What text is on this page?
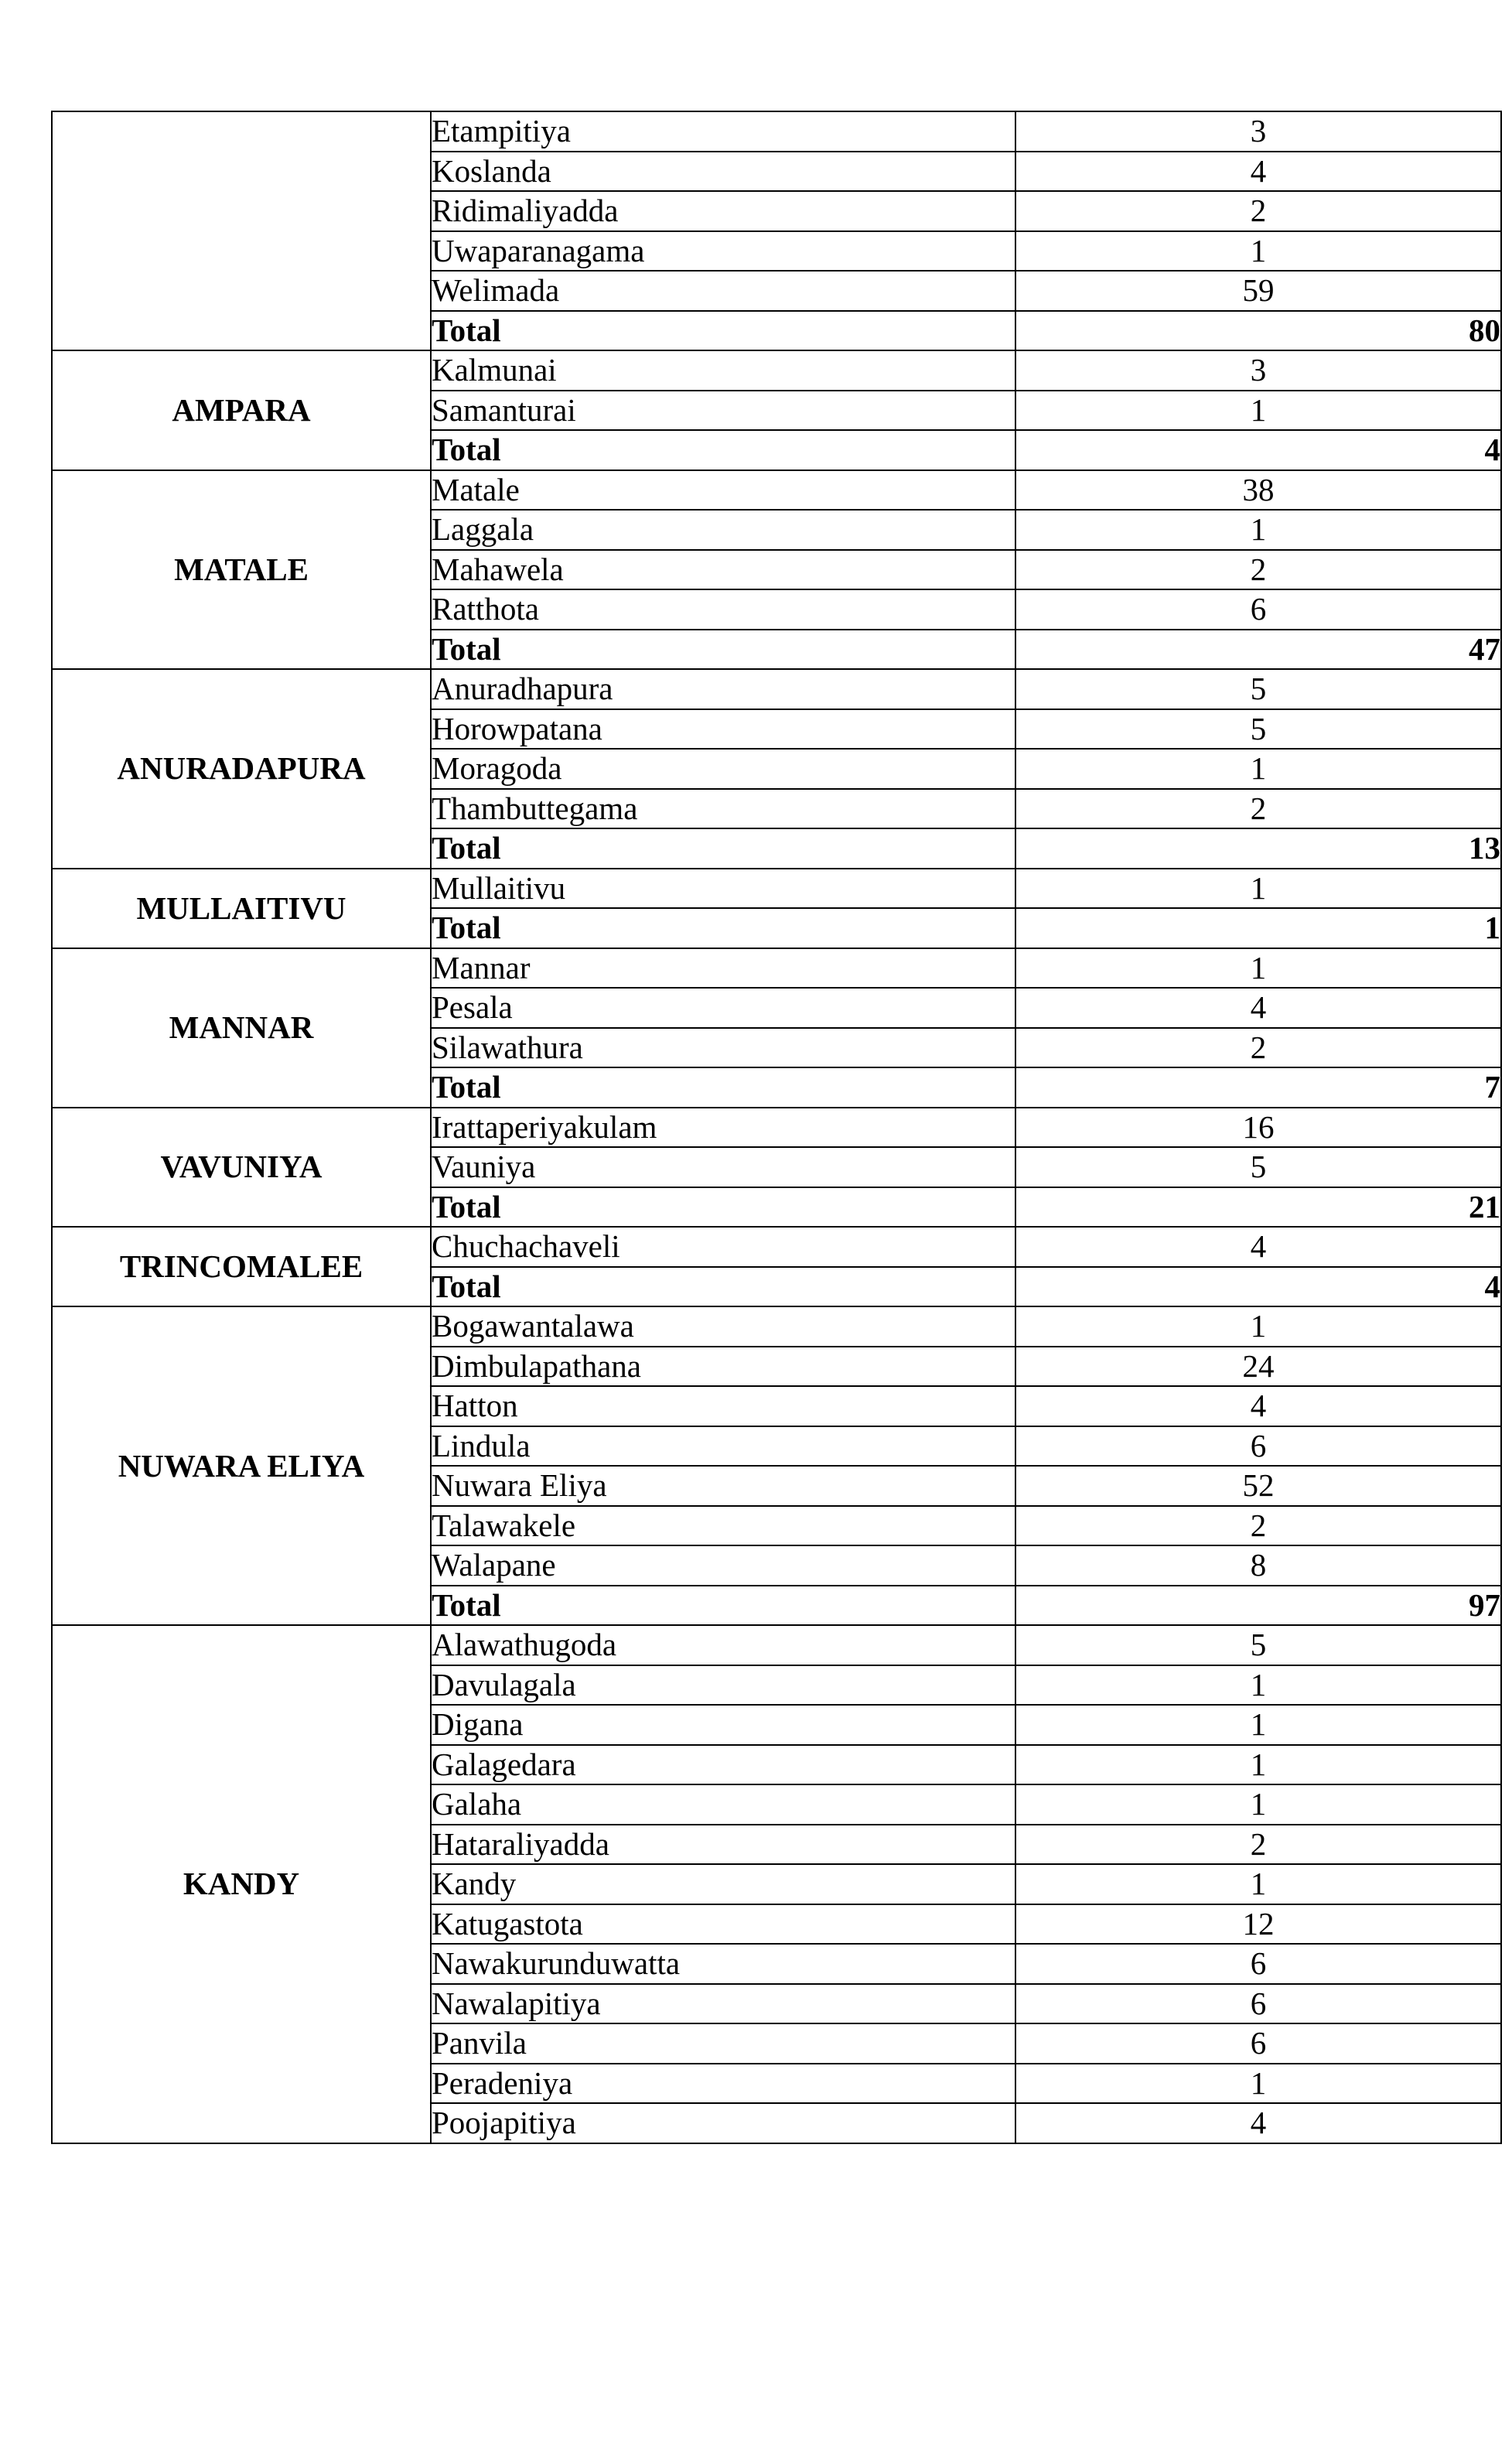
	Etampitiya	3
	Koslanda	4
	Ridimaliyadda	2
	Uwaparanagama	1
	Welimada	59
	Total	80
AMPARA	Kalmunai	3
	Samanturai	1
	Total	4
MATALE	Matale	38
	Laggala	1
	Mahawela	2
	Ratthota	6
	Total	47
ANURADAPURA	Anuradhapura	5
	Horowpatana	5
	Moragoda	1
	Thambuttegama	2
	Total	13
MULLAITIVU	Mullaitivu	1
	Total	1
MANNAR	Mannar	1
	Pesala	4
	Silawathura	2
	Total	7
VAVUNIYA	Irattaperiyakulam	16
	Vauniya	5
	Total	21
TRINCOMALEE	Chuchachaveli	4
	Total	4
NUWARA ELIYA	Bogawantalawa	1
	Dimbulapathana	24
	Hatton	4
	Lindula	6
	Nuwara Eliya	52
	Talawakele	2
	Walapane	8
	Total	97
KANDY	Alawathugoda	5
	Davulagala	1
	Digana	1
	Galagedara	1
	Galaha	1
	Hataraliyadda	2
	Kandy	1
	Katugastota	12
	Nawakurunduwatta	6
	Nawalapitiya	6
	Panvila	6
	Peradeniya	1
	Poojapitiya	4
